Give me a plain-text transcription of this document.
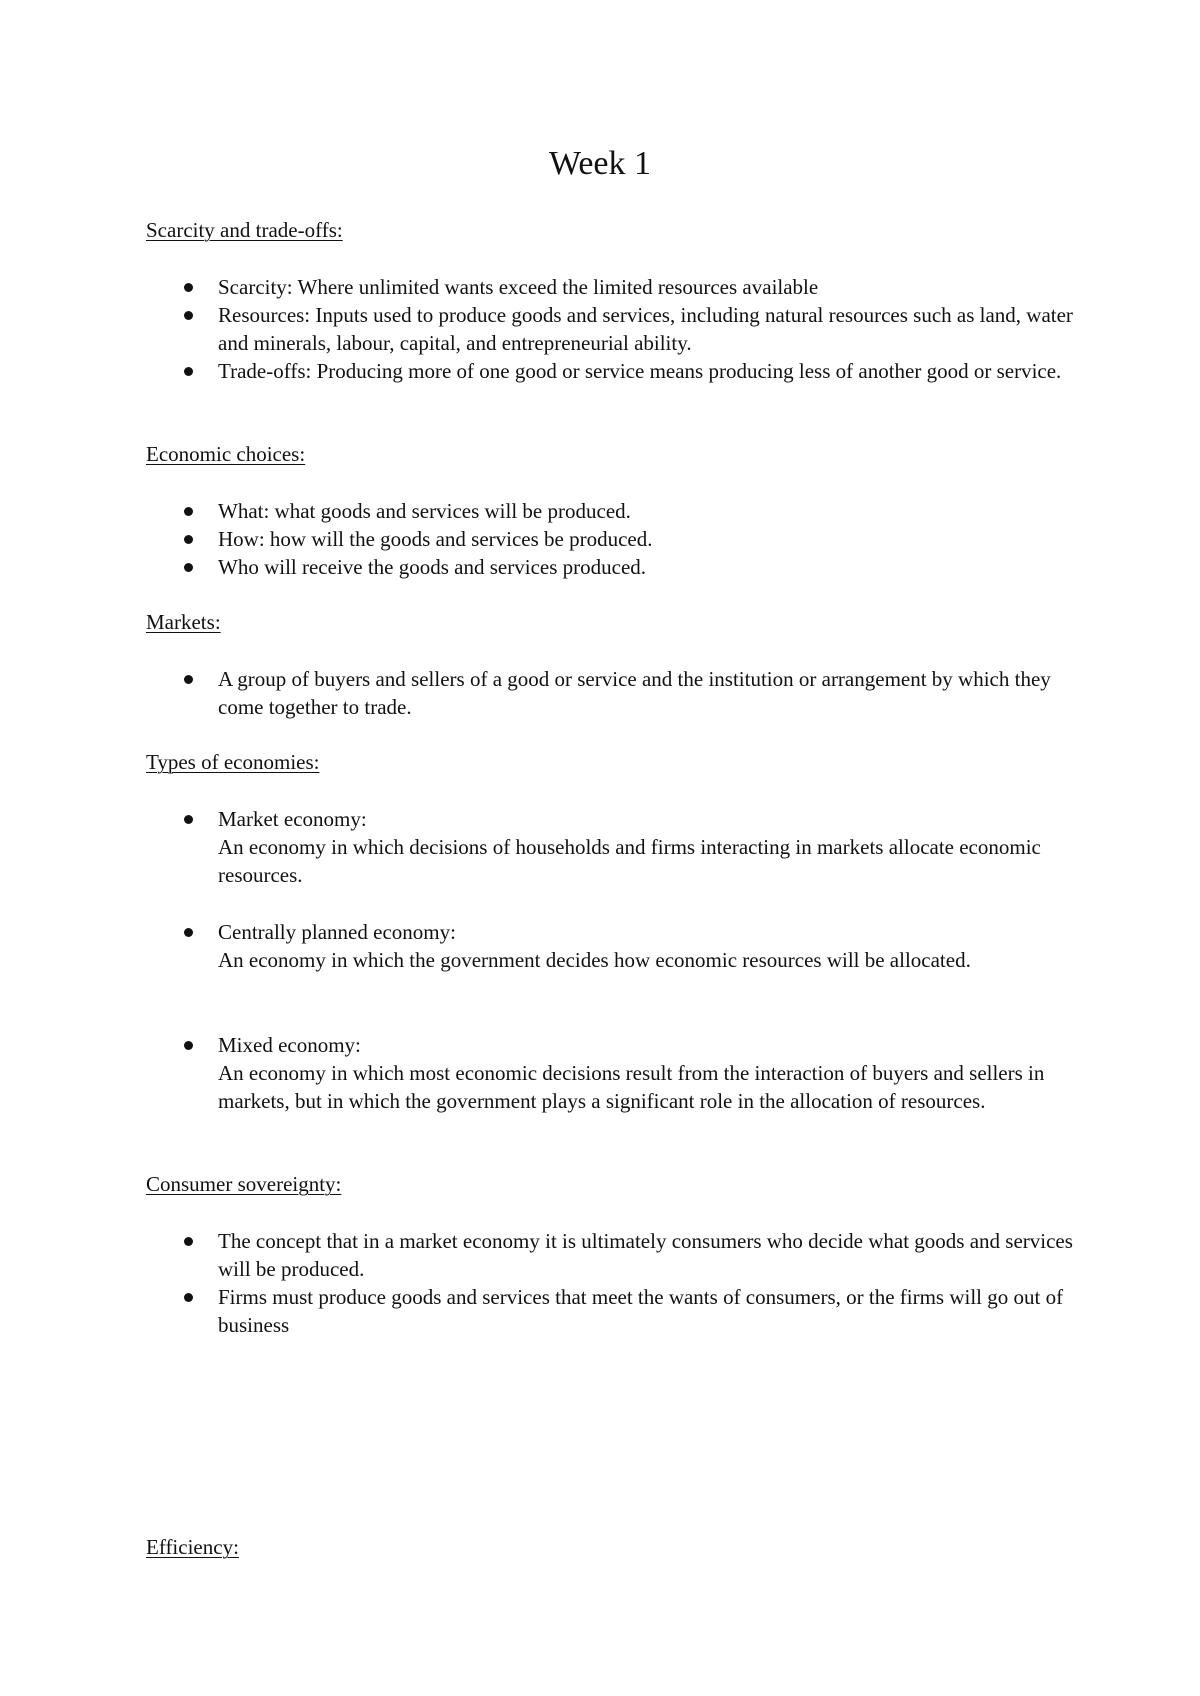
Week 1
Scarcity and trade-offs:
Scarcity: Where unlimited wants exceed the limited resources available
Resources: Inputs used to produce goods and services, including natural resources such as land, water and minerals, labour, capital, and entrepreneurial ability.
Trade-offs: Producing more of one good or service means producing less of another good or service.
Economic choices:
What: what goods and services will be produced.
How: how will the goods and services be produced.
Who will receive the goods and services produced.
Markets:
A group of buyers and sellers of a good or service and the institution or arrangement by which they come together to trade.
Types of economies:
Market economy:
An economy in which decisions of households and firms interacting in markets allocate economic resources.
Centrally planned economy:
An economy in which the government decides how economic resources will be allocated.
Mixed economy:
An economy in which most economic decisions result from the interaction of buyers and sellers in markets, but in which the government plays a significant role in the allocation of resources.
Consumer sovereignty:
The concept that in a market economy it is ultimately consumers who decide what goods and services will be produced.
Firms must produce goods and services that meet the wants of consumers, or the firms will go out of business
Efficiency:
